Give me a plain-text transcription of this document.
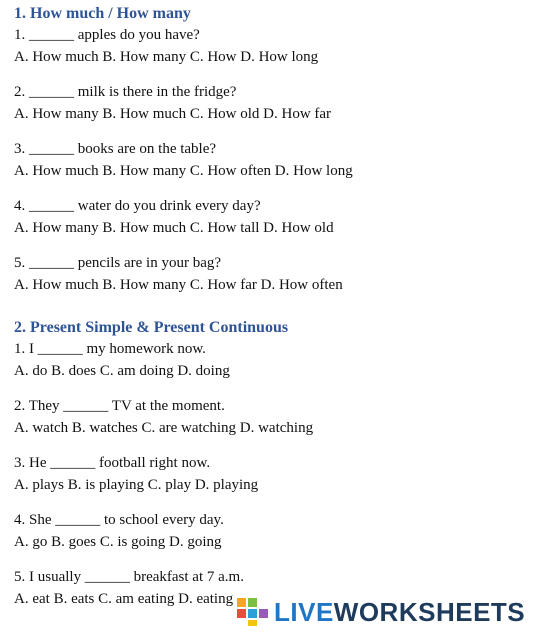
1. How much / How many
1. ______ apples do you have?
A. How much B. How many C. How D. How long
2. ______ milk is there in the fridge?
A. How many B. How much C. How old D. How far
3. ______ books are on the table?
A. How much B. How many C. How often D. How long
4. ______ water do you drink every day?
A. How many B. How much C. How tall D. How old
5. ______ pencils are in your bag?
A. How much B. How many C. How far D. How often
2. Present Simple & Present Continuous
1. I ______ my homework now.
A. do B. does C. am doing D. doing
2. They ______ TV at the moment.
A. watch B. watches C. are watching D. watching
3. He ______ football right now.
A. plays B. is playing C. play D. playing
4. She ______ to school every day.
A. go B. goes C. is going D. going
5. I usually ______ breakfast at 7 a.m.
A. eat B. eats C. am eating D. eating	LIVEWORKSHEETS
